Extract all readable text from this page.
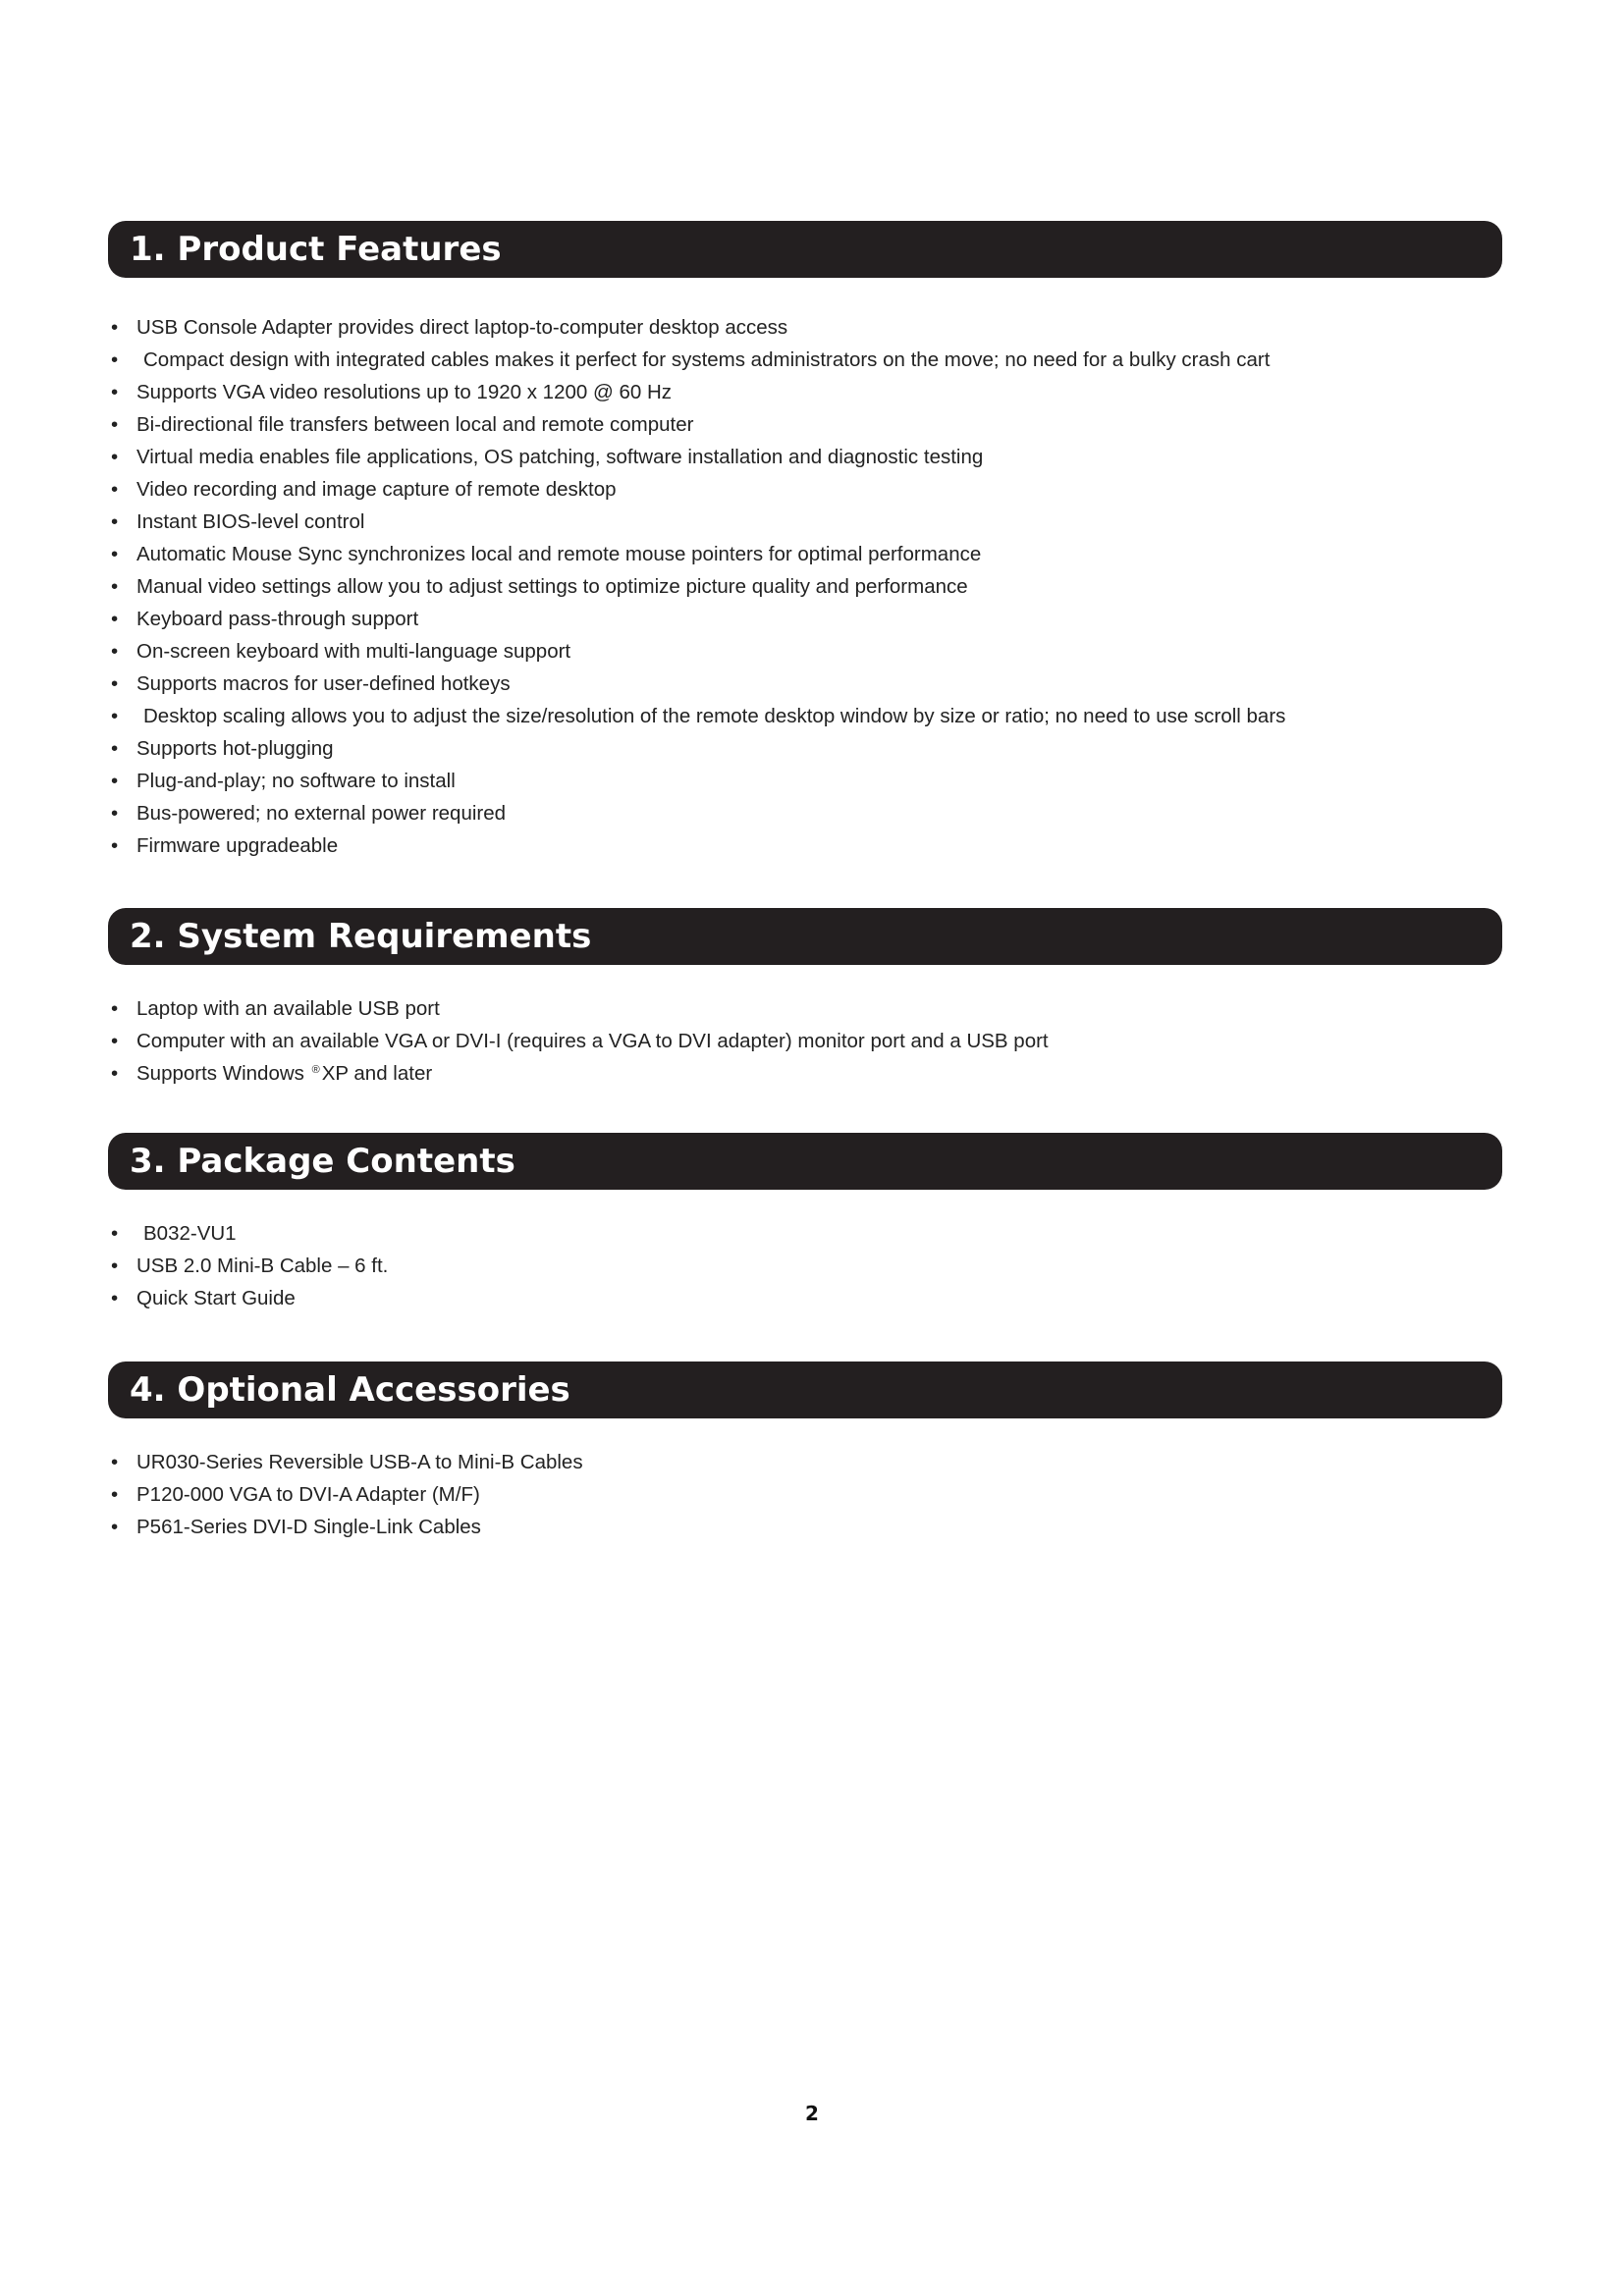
1. Product Features
• USB Console Adapter provides direct laptop-to-computer desktop access
• Compact design with integrated cables makes it perfect for systems administrators on the move; no need for a bulky crash cart
• Supports VGA video resolutions up to 1920 x 1200 @ 60 Hz
• Bi-directional file transfers between local and remote computer
• Virtual media enables file applications, OS patching, software installation and diagnostic testing
• Video recording and image capture of remote desktop
• Instant BIOS-level control
• Automatic Mouse Sync synchronizes local and remote mouse pointers for optimal performance
• Manual video settings allow you to adjust settings to optimize picture quality and performance
• Keyboard pass-through support
• On-screen keyboard with multi-language support
• Supports macros for user-defined hotkeys
• Desktop scaling allows you to adjust the size/resolution of the remote desktop window by size or ratio; no need to use scroll bars
• Supports hot-plugging
• Plug-and-play; no software to install
• Bus-powered; no external power required
• Firmware upgradeable
2. System Requirements
• Laptop with an available USB port
• Computer with an available VGA or DVI-I (requires a VGA to DVI adapter) monitor port and a USB port
• Supports Windows ®XP and later
3. Package Contents
• B032-VU1
• USB 2.0 Mini-B Cable – 6 ft.
• Quick Start Guide
4. Optional Accessories
• UR030-Series Reversible USB-A to Mini-B Cables
• P120-000 VGA to DVI-A Adapter (M/F)
• P561-Series DVI-D Single-Link Cables
2
